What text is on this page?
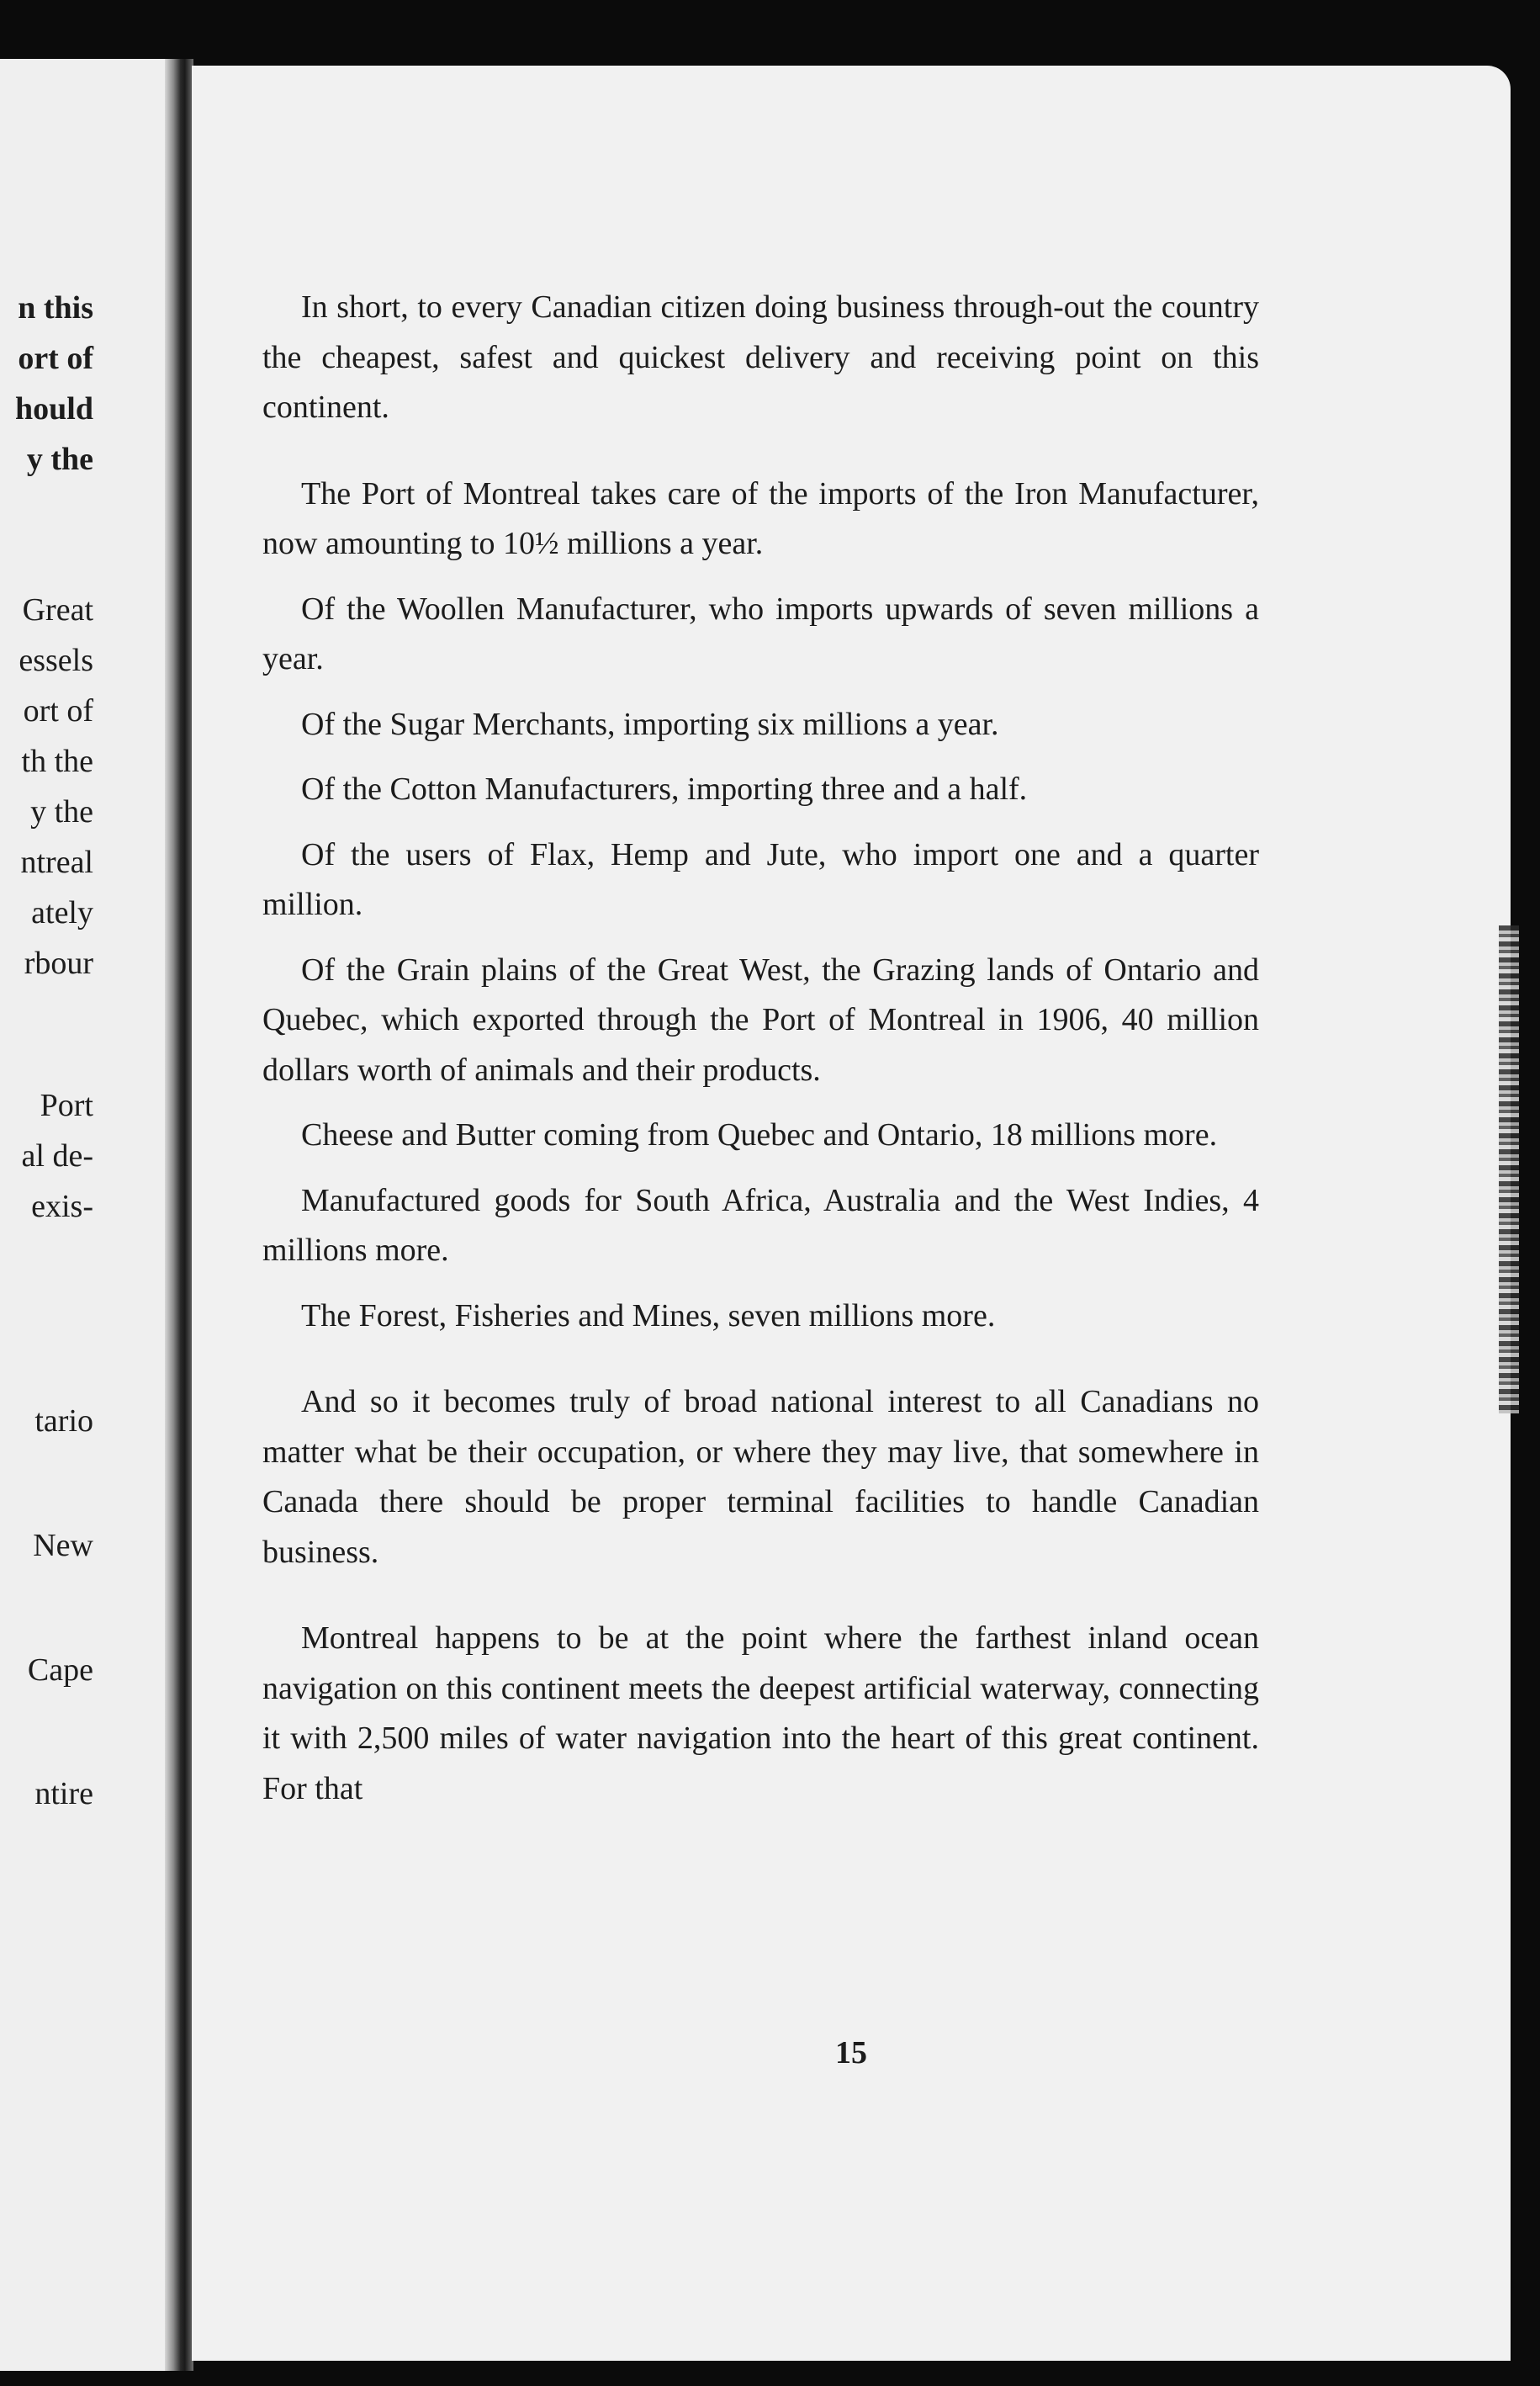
n this
ort of
hould
y the
Great
essels
ort of
th the
y the
ntreal
ately
rbour
Port
al de-
exis-
tario
New
Cape
ntire

In short, to every Canadian citizen doing business through-out the country the cheapest, safest and quickest delivery and receiving point on this continent.

The Port of Montreal takes care of the imports of the Iron Manufacturer, now amounting to 10½ millions a year.

Of the Woollen Manufacturer, who imports upwards of seven millions a year.

Of the Sugar Merchants, importing six millions a year.

Of the Cotton Manufacturers, importing three and a half.

Of the users of Flax, Hemp and Jute, who import one and a quarter million.

Of the Grain plains of the Great West, the Grazing lands of Ontario and Quebec, which exported through the Port of Montreal in 1906, 40 million dollars worth of animals and their products.

Cheese and Butter coming from Quebec and Ontario, 18 millions more.

Manufactured goods for South Africa, Australia and the West Indies, 4 millions more.

The Forest, Fisheries and Mines, seven millions more.

And so it becomes truly of broad national interest to all Canadians no matter what be their occupation, or where they may live, that somewhere in Canada there should be proper terminal facilities to handle Canadian business.

Montreal happens to be at the point where the farthest inland ocean navigation on this continent meets the deepest artificial waterway, connecting it with 2,500 miles of water navigation into the heart of this great continent. For that

15
